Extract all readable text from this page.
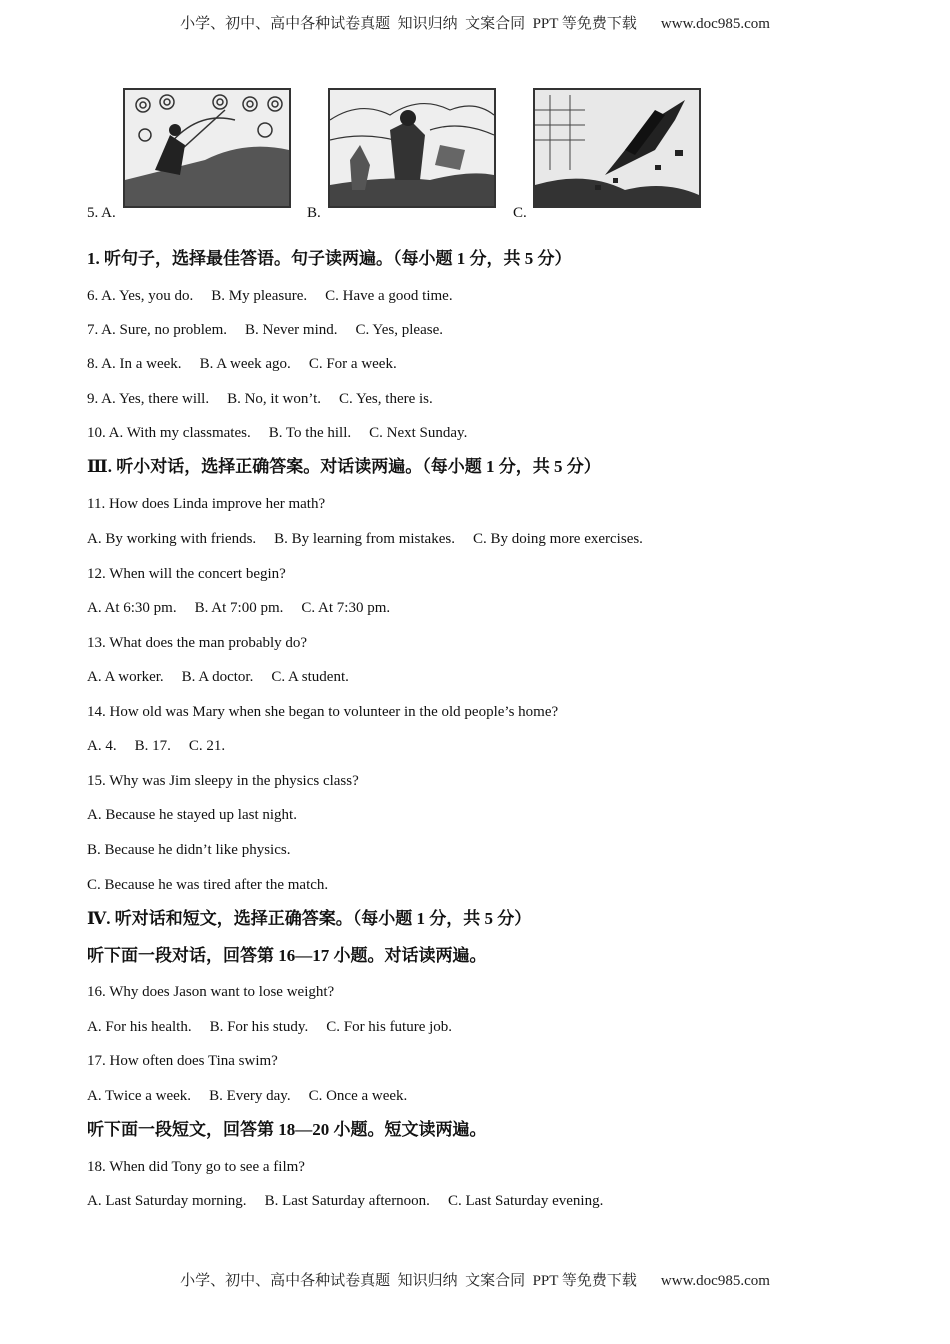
小学、初中、高中各种试卷真题  知识归纳  文案合同  PPT 等免费下载 www.doc985.com
5. A.	B.	C.
1. 听句子，选择最佳答语。句子读两遍。（每小题 1 分，共 5 分）
6. A. Yes, you do. B. My pleasure. C. Have a good time.
7. A. Sure, no problem. B. Never mind. C. Yes, please.
8. A. In a week. B. A week ago. C. For a week.
9. A. Yes, there will. B. No, it won’t. C. Yes, there is.
10. A. With my classmates. B. To the hill. C. Next Sunday.
Ⅲ. 听小对话，选择正确答案。对话读两遍。（每小题 1 分，共 5 分）
11. How does Linda improve her math?
A. By working with friends. B. By learning from mistakes. C. By doing more exercises.
12. When will the concert begin?
A. At 6:30 pm. B. At 7:00 pm. C. At 7:30 pm.
13. What does the man probably do?
A. A worker. B. A doctor. C. A student.
14. How old was Mary when she began to volunteer in the old people’s home?
A. 4. B. 17. C. 21.
15. Why was Jim sleepy in the physics class?
A. Because he stayed up last night.
B. Because he didn’t like physics.
C. Because he was tired after the match.
Ⅳ. 听对话和短文，选择正确答案。（每小题 1 分，共 5 分）
听下面一段对话，回答第 16—17 小题。对话读两遍。
16. Why does Jason want to lose weight?
A. For his health. B. For his study. C. For his future job.
17. How often does Tina swim?
A. Twice a week. B. Every day. C. Once a week.
听下面一段短文，回答第 18—20 小题。短文读两遍。
18. When did Tony go to see a film?
A. Last Saturday morning. B. Last Saturday afternoon. C. Last Saturday evening.
小学、初中、高中各种试卷真题  知识归纳  文案合同  PPT 等免费下载 www.doc985.com
